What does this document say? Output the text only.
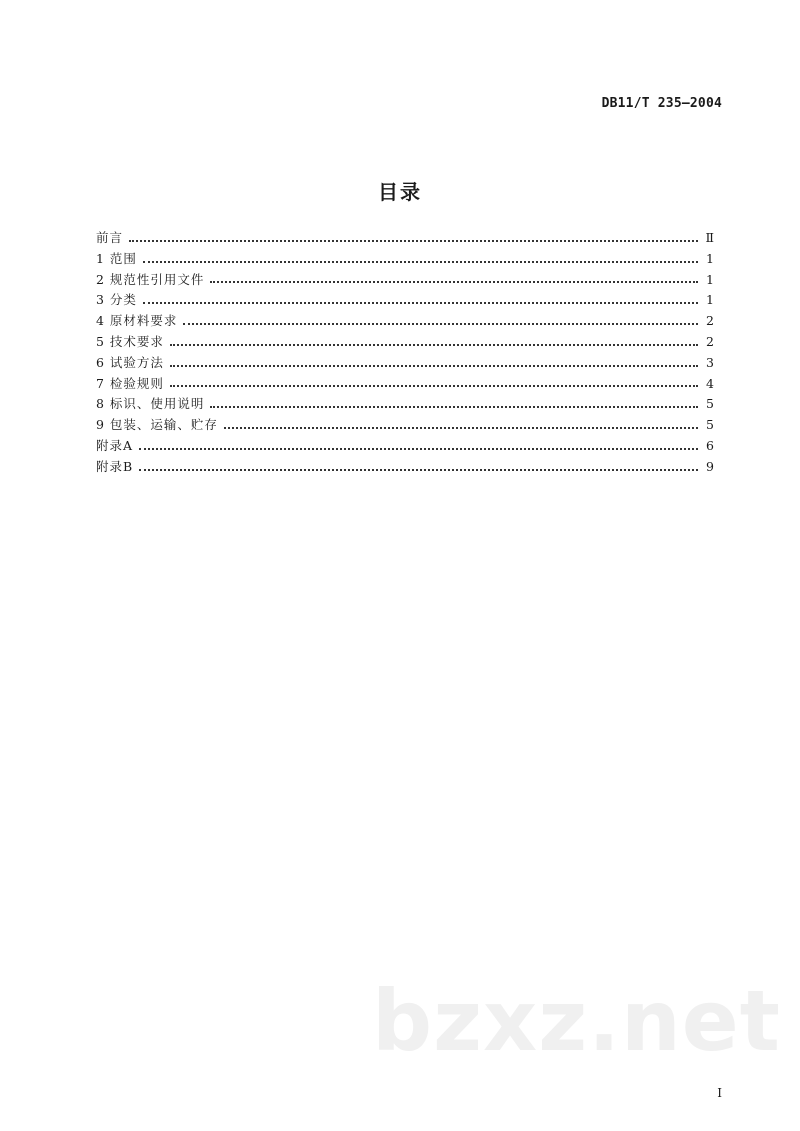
DB11/T 235—2004
目录
前言	Ⅱ
1 范围	1
2 规范性引用文件	1
3 分类	1
4 原材料要求	2
5 技术要求	2
6 试验方法	3
7 检验规则	4
8 标识、使用说明	5
9 包装、运输、贮存	5
附录A	6
附录B	9
bzxz.net
I
